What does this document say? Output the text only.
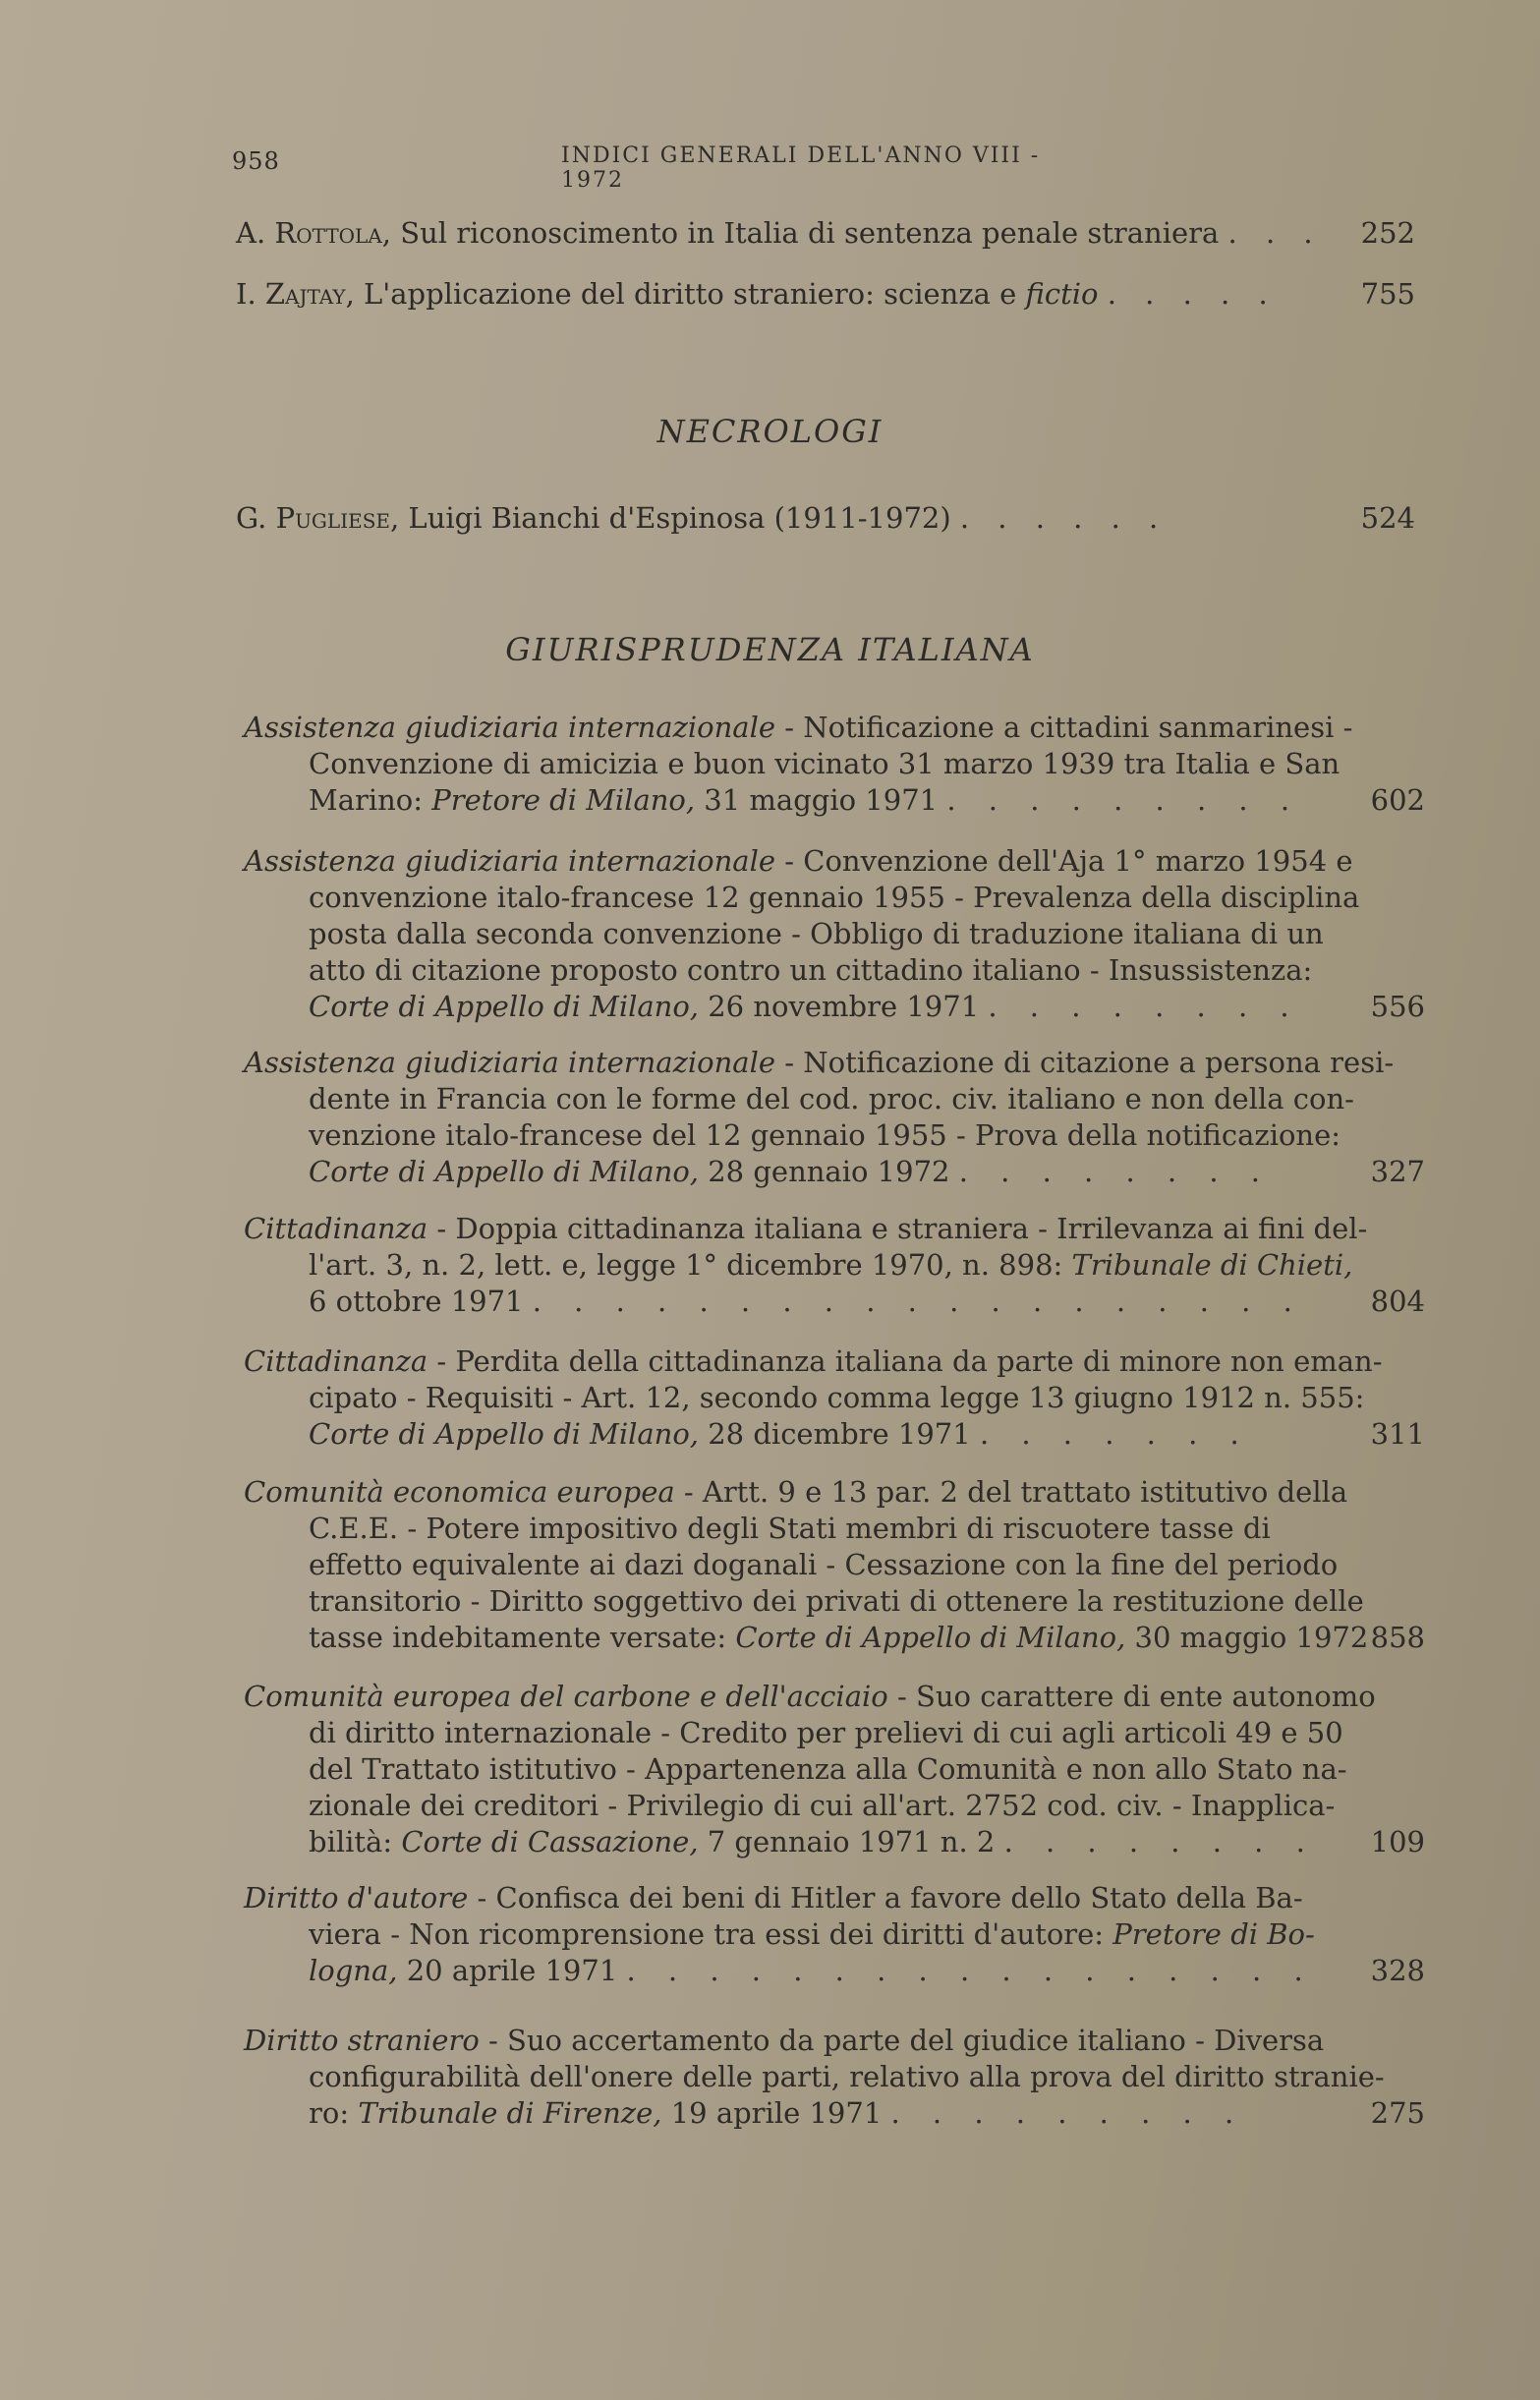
958	INDICI GENERALI DELL'ANNO VIII - 1972
A. Rottola, Sul riconoscimento in Italia di sentenza penale straniera . . .	252
I. Zajtay, L'applicazione del diritto straniero: scienza e fictio . . . . .	755
NECROLOGI
G. Pugliese, Luigi Bianchi d'Espinosa (1911-1972) . . . . . .	524
GIURISPRUDENZA ITALIANA
Assistenza giudiziaria internazionale - Notificazione a cittadini sanmarinesi -
Convenzione di amicizia e buon vicinato 31 marzo 1939 tra Italia e San
Marino: Pretore di Milano, 31 maggio 1971 . . . . . . . . .	602
Assistenza giudiziaria internazionale - Convenzione dell'Aja 1° marzo 1954 e
convenzione italo-francese 12 gennaio 1955 - Prevalenza della disciplina
posta dalla seconda convenzione - Obbligo di traduzione italiana di un
atto di citazione proposto contro un cittadino italiano - Insussistenza:
Corte di Appello di Milano, 26 novembre 1971 . . . . . . . .	556
Assistenza giudiziaria internazionale - Notificazione di citazione a persona resi-
dente in Francia con le forme del cod. proc. civ. italiano e non della con-
venzione italo-francese del 12 gennaio 1955 - Prova della notificazione:
Corte di Appello di Milano, 28 gennaio 1972 . . . . . . . .	327
Cittadinanza - Doppia cittadinanza italiana e straniera - Irrilevanza ai fini del-
l'art. 3, n. 2, lett. e, legge 1° dicembre 1970, n. 898: Tribunale di Chieti,
6 ottobre 1971 . . . . . . . . . . . . . . . . . . .	804
Cittadinanza - Perdita della cittadinanza italiana da parte di minore non eman-
cipato - Requisiti - Art. 12, secondo comma legge 13 giugno 1912 n. 555:
Corte di Appello di Milano, 28 dicembre 1971 . . . . . . .	311
Comunità economica europea - Artt. 9 e 13 par. 2 del trattato istitutivo della
C.E.E. - Potere impositivo degli Stati membri di riscuotere tasse di
effetto equivalente ai dazi doganali - Cessazione con la fine del periodo
transitorio - Diritto soggettivo dei privati di ottenere la restituzione delle
tasse indebitamente versate: Corte di Appello di Milano, 30 maggio 1972 858
Comunità europea del carbone e dell'acciaio - Suo carattere di ente autonomo
di diritto internazionale - Credito per prelievi di cui agli articoli 49 e 50
del Trattato istitutivo - Appartenenza alla Comunità e non allo Stato na-
zionale dei creditori - Privilegio di cui all'art. 2752 cod. civ. - Inapplica-
bilità: Corte di Cassazione, 7 gennaio 1971 n. 2 . . . . . . . .	109
Diritto d'autore - Confisca dei beni di Hitler a favore dello Stato della Ba-
viera - Non ricomprensione tra essi dei diritti d'autore: Pretore di Bo-
logna, 20 aprile 1971 . . . . . . . . . . . . . . . . .	328
Diritto straniero - Suo accertamento da parte del giudice italiano - Diversa
configurabilità dell'onere delle parti, relativo alla prova del diritto stranie-
ro: Tribunale di Firenze, 19 aprile 1971 . . . . . . . . .	275
